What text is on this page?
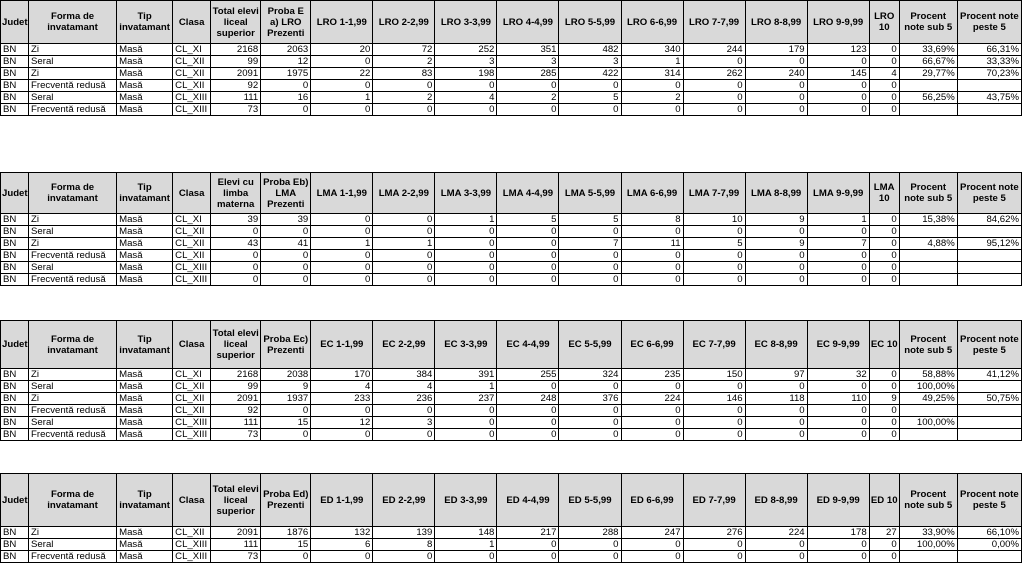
Judet	Forma de invatamant	Tip invatamant	Clasa	Total elevi liceal superior	Proba E a) LRO Prezenti	LRO 1-1,99	LRO 2-2,99	LRO 3-3,99	LRO 4-4,99	LRO 5-5,99	LRO 6-6,99	LRO 7-7,99	LRO 8-8,99	LRO 9-9,99	LRO 10	Procent note sub 5	Procent note peste 5
BN	Zi	Masă	CL_XI	2168	2063	20	72	252	351	482	340	244	179	123	0	33,69%	66,31%
BN	Seral	Masă	CL_XII	99	12	0	2	3	3	3	1	0	0	0	0	66,67%	33,33%
BN	Zi	Masă	CL_XII	2091	1975	22	83	198	285	422	314	262	240	145	4	29,77%	70,23%
BN	Frecventă redusă	Masă	CL_XII	92	0	0	0	0	0	0	0	0	0	0	0		
BN	Seral	Masă	CL_XIII	111	16	1	2	4	2	5	2	0	0	0	0	56,25%	43,75%
BN	Frecventă redusă	Masă	CL_XIII	73	0	0	0	0	0	0	0	0	0	0	0		
Judet	Forma de invatamant	Tip invatamant	Clasa	Elevi cu limba materna	Proba Eb) LMA Prezenti	LMA 1-1,99	LMA 2-2,99	LMA 3-3,99	LMA 4-4,99	LMA 5-5,99	LMA 6-6,99	LMA 7-7,99	LMA 8-8,99	LMA 9-9,99	LMA 10	Procent note sub 5	Procent note peste 5
BN	Zi	Masă	CL_XI	39	39	0	0	1	5	5	8	10	9	1	0	15,38%	84,62%
BN	Seral	Masă	CL_XII	0	0	0	0	0	0	0	0	0	0	0	0		
BN	Zi	Masă	CL_XII	43	41	1	1	0	0	7	11	5	9	7	0	4,88%	95,12%
BN	Frecventă redusă	Masă	CL_XII	0	0	0	0	0	0	0	0	0	0	0	0		
BN	Seral	Masă	CL_XIII	0	0	0	0	0	0	0	0	0	0	0	0		
BN	Frecventă redusă	Masă	CL_XIII	0	0	0	0	0	0	0	0	0	0	0	0		
Judet	Forma de invatamant	Tip invatamant	Clasa	Total elevi liceal superior	Proba Ec) Prezenti	EC 1-1,99	EC 2-2,99	EC 3-3,99	EC 4-4,99	EC 5-5,99	EC 6-6,99	EC 7-7,99	EC 8-8,99	EC 9-9,99	EC 10	Procent note sub 5	Procent note peste 5
BN	Zi	Masă	CL_XI	2168	2038	170	384	391	255	324	235	150	97	32	0	58,88%	41,12%
BN	Seral	Masă	CL_XII	99	9	4	4	1	0	0	0	0	0	0	0	100,00%	
BN	Zi	Masă	CL_XII	2091	1937	233	236	237	248	376	224	146	118	110	9	49,25%	50,75%
BN	Frecventă redusă	Masă	CL_XII	92	0	0	0	0	0	0	0	0	0	0	0		
BN	Seral	Masă	CL_XIII	111	15	12	3	0	0	0	0	0	0	0	0	100,00%	
BN	Frecventă redusă	Masă	CL_XIII	73	0	0	0	0	0	0	0	0	0	0	0		
Judet	Forma de invatamant	Tip invatamant	Clasa	Total elevi liceal superior	Proba Ed) Prezenti	ED 1-1,99	ED 2-2,99	ED 3-3,99	ED 4-4,99	ED 5-5,99	ED 6-6,99	ED 7-7,99	ED 8-8,99	ED 9-9,99	ED 10	Procent note sub 5	Procent note peste 5
BN	Zi	Masă	CL_XII	2091	1876	132	139	148	217	288	247	276	224	178	27	33,90%	66,10%
BN	Seral	Masă	CL_XIII	111	15	6	8	1	0	0	0	0	0	0	0	100,00%	0,00%
BN	Frecventă redusă	Masă	CL_XIII	73	0	0	0	0	0	0	0	0	0	0	0		
